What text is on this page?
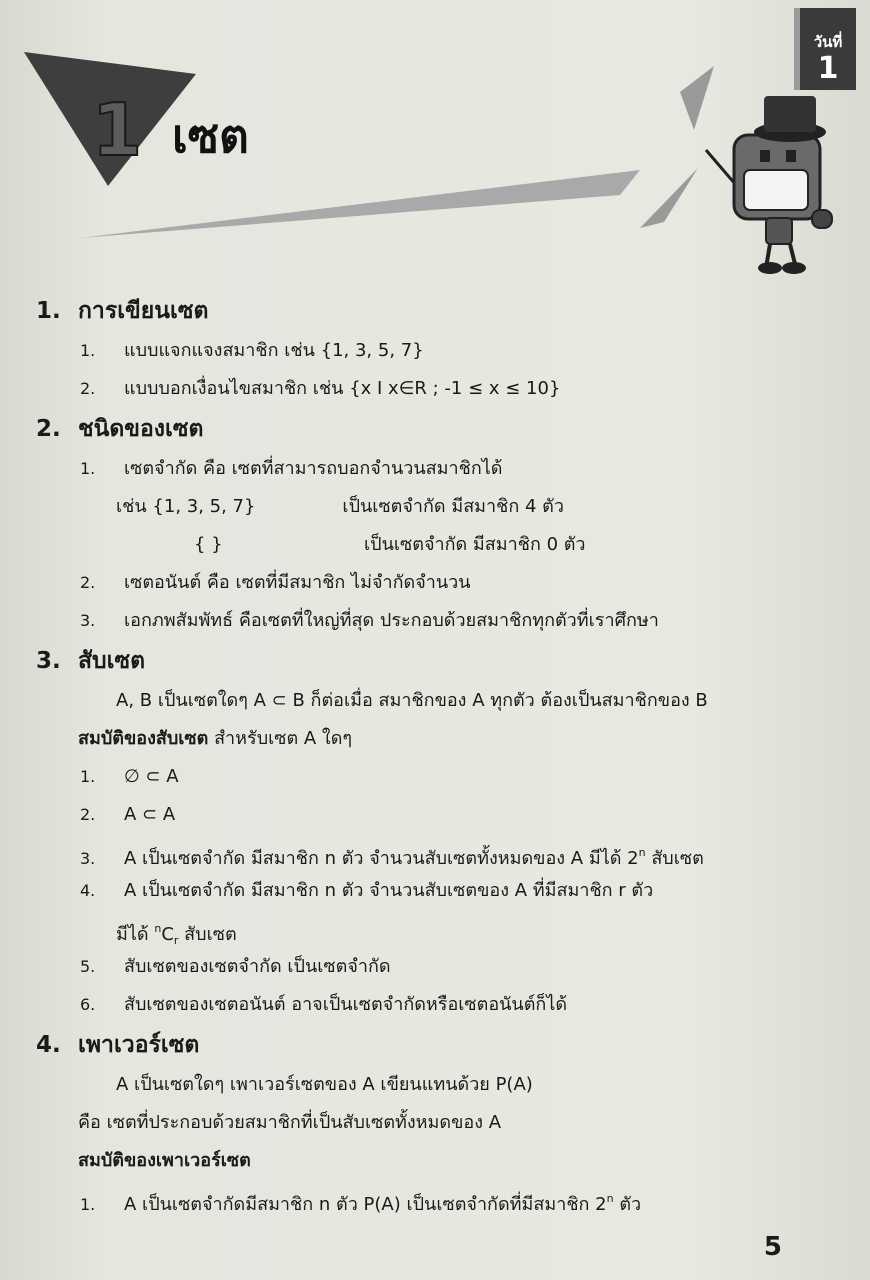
1 เซต
วันที่
1
1. การเขียนเซต
1. แบบแจกแจงสมาชิก เช่น {1, 3, 5, 7}
2. แบบบอกเงื่อนไขสมาชิก เช่น {x I x∈R ; -1 ≤ x ≤ 10}
2. ชนิดของเซต
1. เซตจำกัด คือ เซตที่สามารถบอกจำนวนสมาชิกได้
เช่น {1, 3, 5, 7}	เป็นเซตจำกัด มีสมาชิก 4 ตัว
{ }	เป็นเซตจำกัด มีสมาชิก 0 ตัว
2. เซตอนันต์ คือ เซตที่มีสมาชิก ไม่จำกัดจำนวน
3. เอกภพสัมพัทธ์ คือเซตที่ใหญ่ที่สุด ประกอบด้วยสมาชิกทุกตัวที่เราศึกษา
3. สับเซต
A, B เป็นเซตใดๆ A ⊂ B ก็ต่อเมื่อ สมาชิกของ A ทุกตัว ต้องเป็นสมาชิกของ B
สมบัติของสับเซต สำหรับเซต A ใดๆ
1. ∅ ⊂ A
2. A ⊂ A
3. A เป็นเซตจำกัด มีสมาชิก n ตัว จำนวนสับเซตทั้งหมดของ A มีได้ 2$^n$ สับเซต
4. A เป็นเซตจำกัด มีสมาชิก n ตัว จำนวนสับเซตของ A ที่มีสมาชิก r ตัว
มีได้ $^nC_r$ สับเซต
5. สับเซตของเซตจำกัด เป็นเซตจำกัด
6. สับเซตของเซตอนันต์ อาจเป็นเซตจำกัดหรือเซตอนันต์ก็ได้
4. เพาเวอร์เซต
A เป็นเซตใดๆ เพาเวอร์เซตของ A เขียนแทนด้วย P(A)
คือ เซตที่ประกอบด้วยสมาชิกที่เป็นสับเซตทั้งหมดของ A
สมบัติของเพาเวอร์เซต
1. A เป็นเซตจำกัดมีสมาชิก n ตัว P(A) เป็นเซตจำกัดที่มีสมาชิก 2$^n$ ตัว
5
